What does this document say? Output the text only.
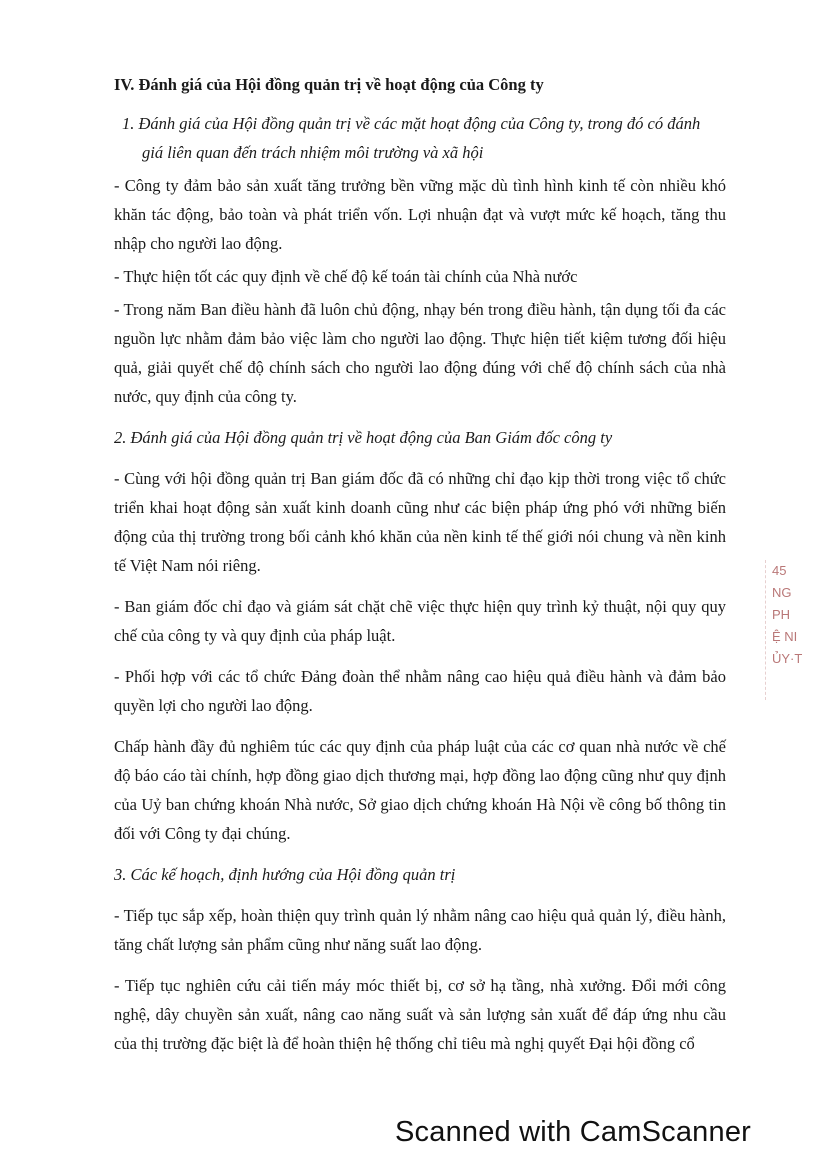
IV. Đánh giá của Hội đồng quản trị về hoạt động của Công ty

1. Đánh giá của Hội đồng quản trị về các mặt hoạt động của Công ty, trong đó có đánh
giá liên quan đến trách nhiệm môi trường và xã hội

- Công ty đảm bảo sản xuất tăng trưởng bền vững mặc dù tình hình kinh tế còn nhiều khó khăn tác động, bảo toàn và phát triển vốn. Lợi nhuận đạt và vượt mức kế hoạch, tăng thu nhập cho người lao động.

- Thực hiện tốt các quy định về chế độ kế toán tài chính của Nhà nước

- Trong năm Ban điều hành đã luôn chủ động, nhạy bén trong điều hành, tận dụng tối đa các nguồn lực nhằm đảm bảo việc làm cho người lao động. Thực hiện tiết kiệm tương đối hiệu quả, giải quyết chế độ chính sách cho người lao động đúng với chế độ chính sách của nhà nước, quy định của công ty.

2. Đánh giá của Hội đồng quản trị về hoạt động của Ban Giám đốc công ty

- Cùng với hội đồng quản trị Ban giám đốc đã có những chỉ đạo kịp thời trong việc tổ chức triển khai hoạt động sản xuất kinh doanh cũng như các biện pháp ứng phó với những biến động của thị trường trong bối cảnh khó khăn của nền kinh tế thế giới nói chung và nền kinh tế Việt Nam nói riêng.

- Ban giám đốc chỉ đạo và giám sát chặt chẽ việc thực hiện quy trình kỷ thuật, nội quy quy chế của công ty và quy định của pháp luật.

- Phối hợp với các tổ chức Đảng đoàn thể nhằm nâng cao hiệu quả điều hành và đảm bảo quyền lợi cho người lao động.

Chấp hành đầy đủ nghiêm túc các quy định của pháp luật của các cơ quan nhà nước về chế độ báo cáo tài chính, hợp đồng giao dịch thương mại, hợp đồng lao động cũng như quy định của Uỷ ban chứng khoán Nhà nước, Sở giao dịch chứng khoán Hà Nội về công bố thông tin đối với Công ty đại chúng.

3. Các kế hoạch, định hướng của Hội đồng quản trị

- Tiếp tục sắp xếp, hoàn thiện quy trình quản lý nhằm nâng cao hiệu quả quản lý, điều hành, tăng chất lượng sản phẩm cũng như năng suất lao động.

- Tiếp tục nghiên cứu cải tiến máy móc thiết bị, cơ sở hạ tầng, nhà xưởng. Đổi mới công nghệ, dây chuyền sản xuất, nâng cao năng suất và sản lượng sản xuất để đáp ứng nhu cầu của thị trường đặc biệt là để hoàn thiện hệ thống chỉ tiêu mà nghị quyết Đại hội đồng cổ

45
NG
PH
Ệ NI
ỦY·T
Scanned with CamScanner
